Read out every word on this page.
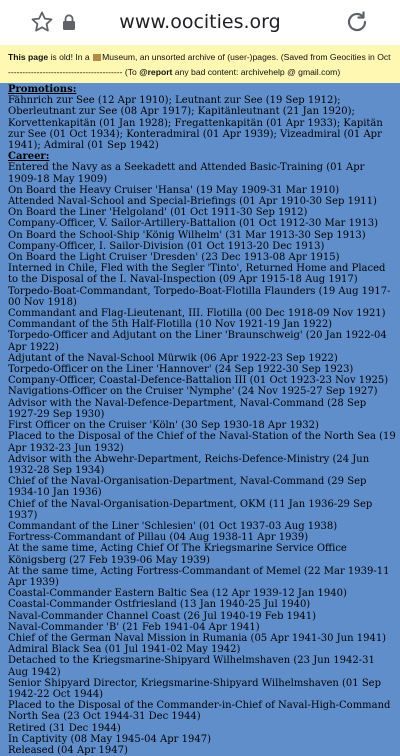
www.oocities.org
This page is old! In a Museum, an unsorted archive of (user-)pages. (Saved from Geocities in Oct
---------------------------------------- (To @report any bad content: archivehelp @ gmail.com)

Promotions:

Fähnrich zur See (12 Apr 1910); Leutnant zur See (19 Sep 1912); Oberleutnant zur See (08 Apr 1917); Kapitänleutnant (21 Jan 1920); Korvettenkapitän (01 Jan 1928); Fregattenkapitän (01 Apr 1933); Kapitän zur See (01 Oct 1934); Konteradmiral (01 Apr 1939); Vizeadmiral (01 Apr 1941); Admiral (01 Sep 1942)

Career:

Entered the Navy as a Seekadett and Attended Basic-Training (01 Apr 1909-18 May 1909)

On Board the Heavy Cruiser 'Hansa' (19 May 1909-31 Mar 1910)

Attended Naval-School and Special-Briefings (01 Apr 1910-30 Sep 1911)

On Board the Liner 'Helgoland' (01 Oct 1911-30 Sep 1912)

Company-Officer, V. Sailor-Artillery-Battalion (01 Oct 1912-30 Mar 1913)

On Board the School-Ship 'König Wilhelm' (31 Mar 1913-30 Sep 1913)

Company-Officer, I. Sailor-Division (01 Oct 1913-20 Dec 1913)

On Board the Light Cruiser 'Dresden' (23 Dec 1913-08 Apr 1915)

Interned in Chile, Fled with the Segler 'Tinto', Returned Home and Placed to the Disposal of the I. Naval-Inspection (09 Apr 1915-18 Aug 1917)

Torpedo-Boat-Commandant, Torpedo-Boat-Flotilla Flaunders (19 Aug 1917-00 Nov 1918)

Commandant and Flag-Lieutenant, III. Flotilla (00 Dec 1918-09 Nov 1921)

Commandant of the 5th Half-Flotilla (10 Nov 1921-19 Jan 1922)

Torpedo-Officer and Adjutant on the Liner 'Braunschweig' (20 Jan 1922-04 Apr 1922)

Adjutant of the Naval-School Mürwik (06 Apr 1922-23 Sep 1922)

Torpedo-Officer on the Liner 'Hannover' (24 Sep 1922-30 Sep 1923)

Company-Officer, Coastal-Defence-Battalion III (01 Oct 1923-23 Nov 1925)

Navigations-Officer on the Cruiser 'Nymphe' (24 Nov 1925-27 Sep 1927)

Advisor with the Naval-Defence-Department, Naval-Command (28 Sep 1927-29 Sep 1930)

First Officer on the Cruiser 'Köln' (30 Sep 1930-18 Apr 1932)

Placed to the Disposal of the Chief of the Naval-Station of the North Sea (19 Apr 1932-23 Jun 1932)

Advisor with the Abwehr-Department, Reichs-Defence-Ministry (24 Jun 1932-28 Sep 1934)

Chief of the Naval-Organisation-Department, Naval-Command (29 Sep 1934-10 Jan 1936)

Chief of the Naval-Organisation-Department, OKM (11 Jan 1936-29 Sep 1937)

Commandant of the Liner 'Schlesien' (01 Oct 1937-03 Aug 1938)

Fortress-Commandant of Pillau (04 Aug 1938-11 Apr 1939)

At the same time, Acting Chief Of The Kriegsmarine Service Office Königsberg (27 Feb 1939-06 May 1939)

At the same time, Acting Fortress-Commandant of Memel (22 Mar 1939-11 Apr 1939)

Coastal-Commander Eastern Baltic Sea (12 Apr 1939-12 Jan 1940)

Coastal-Commander Ostfriesland (13 Jan 1940-25 Jul 1940)

Naval-Commander Channel Coast (26 Jul 1940-19 Feb 1941)

Naval-Commander 'B' (21 Feb 1941-04 Apr 1941)

Chief of the German Naval Mission in Rumania (05 Apr 1941-30 Jun 1941)

Admiral Black Sea (01 Jul 1941-02 May 1942)

Detached to the Kriegsmarine-Shipyard Wilhelmshaven (23 Jun 1942-31 Aug 1942)

Senior Shipyard Director, Kriegsmarine-Shipyard Wilhelmshaven (01 Sep 1942-22 Oct 1944)

Placed to the Disposal of the Commander-in-Chief of Naval-High-Command North Sea (23 Oct 1944-31 Dec 1944)

Retired (31 Dec 1944)

In Captivity (08 May 1945-04 Apr 1947)

Released (04 Apr 1947)
